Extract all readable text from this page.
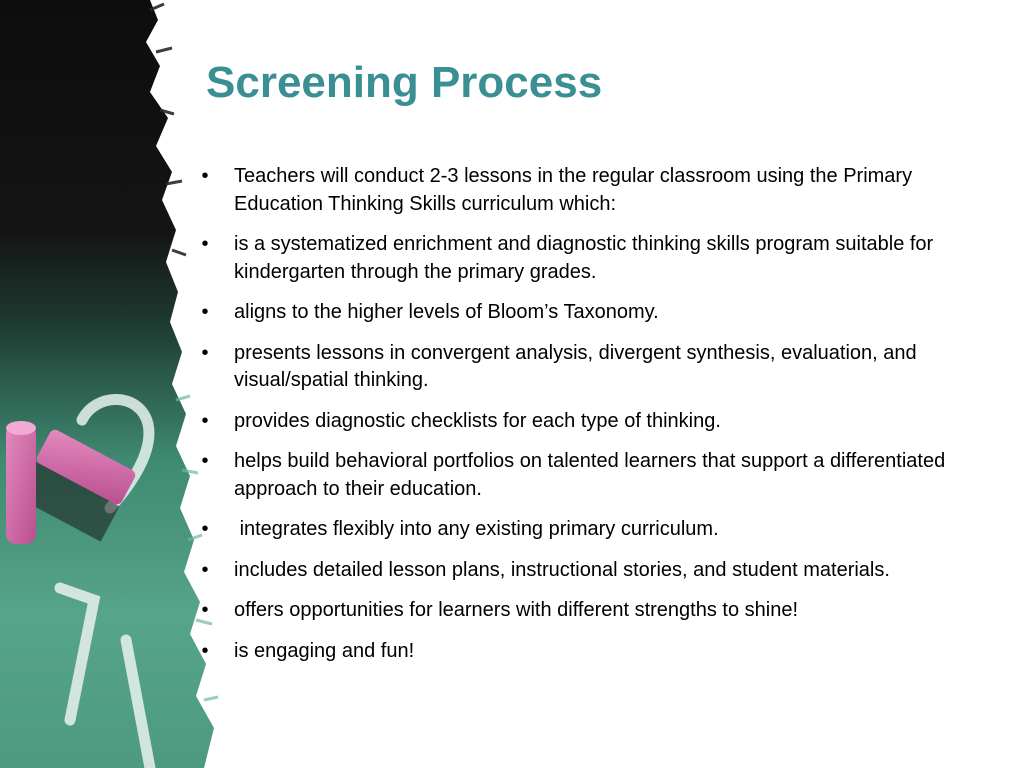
Screening Process
• Teachers will conduct 2-3 lessons in the regular classroom using the Primary Education Thinking Skills curriculum which:
• is a systematized enrichment and diagnostic thinking skills program suitable for kindergarten through the primary grades.
• aligns to the higher levels of Bloom’s Taxonomy.
• presents lessons in convergent analysis, divergent synthesis, evaluation, and visual/spatial thinking.
• provides diagnostic checklists for each type of thinking.
• helps build behavioral portfolios on talented learners that support a differentiated approach to their education.
• integrates flexibly into any existing primary curriculum.
• includes detailed lesson plans, instructional stories, and student materials.
• offers opportunities for learners with different strengths to shine!
• is engaging and fun!
